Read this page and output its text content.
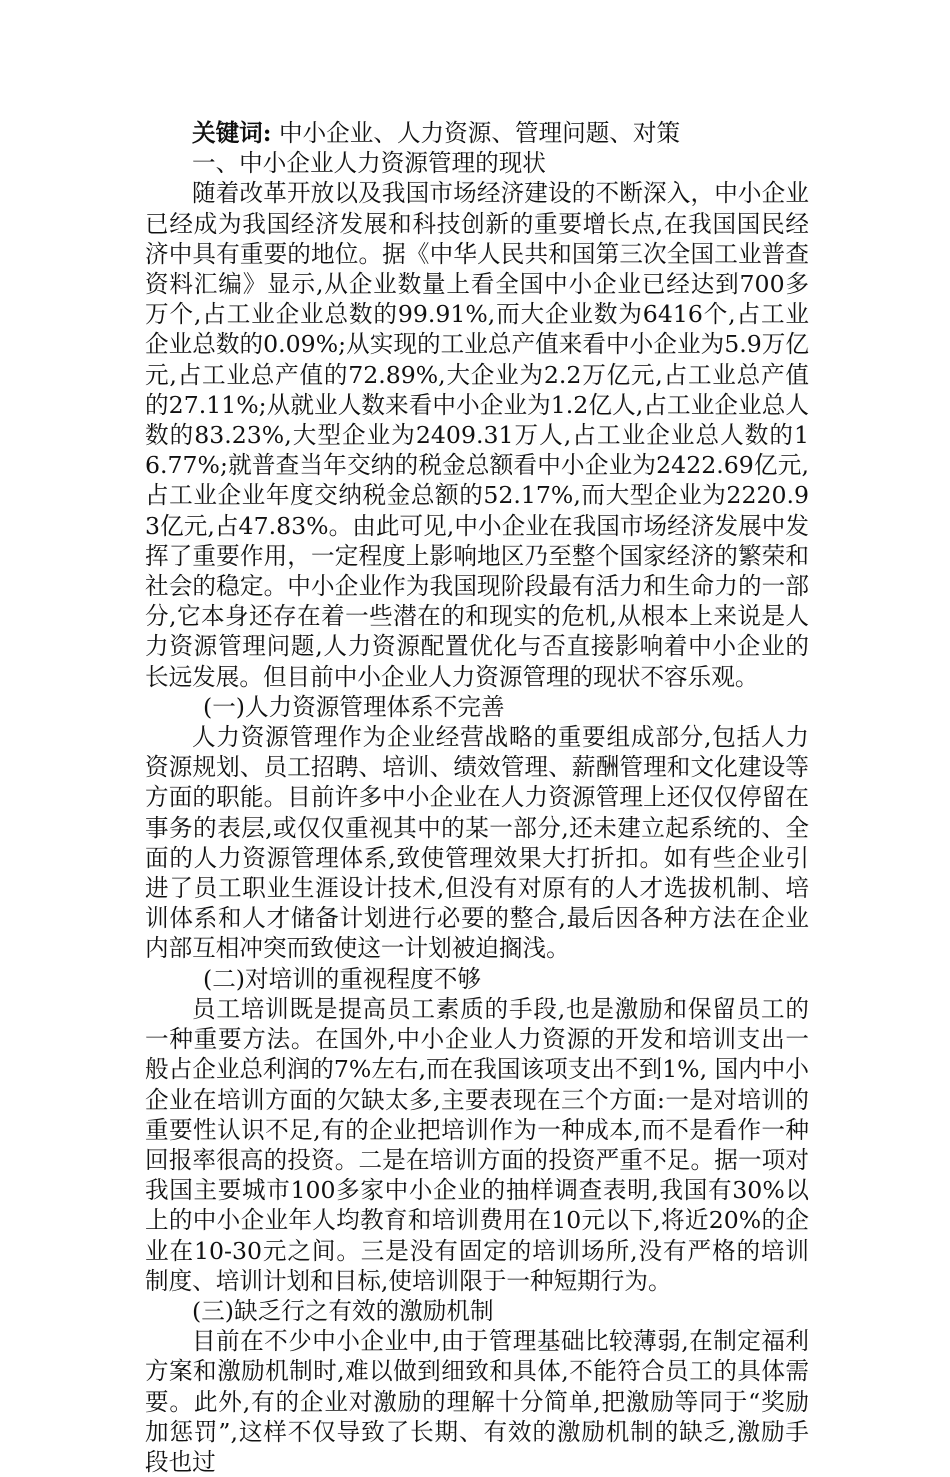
关键词: 中小企业、人力资源、管理问题、对策
一、中小企业人力资源管理的现状

随着改革开放以及我国市场经济建设的不断深入，中小企业已经成为我国经济发展和科技创新的重要增长点,在我国国民经济中具有重要的地位。据《中华人民共和国第三次全国工业普查资料汇编》显示,从企业数量上看全国中小企业已经达到700多万个,占工业企业总数的99.91%,而大企业数为6416个,占工业企业总数的0.09%;从实现的工业总产值来看中小企业为5.9万亿元,占工业总产值的72.89%,大企业为2.2万亿元,占工业总产值的27.11%;从就业人数来看中小企业为1.2亿人,占工业企业总人数的83.23%,大型企业为2409.31万人,占工业企业总人数的16.77%;就普查当年交纳的税金总额看中小企业为2422.69亿元,占工业企业年度交纳税金总额的52.17%,而大型企业为2220.93亿元,占47.83%。由此可见,中小企业在我国市场经济发展中发挥了重要作用，一定程度上影响地区乃至整个国家经济的繁荣和社会的稳定。中小企业作为我国现阶段最有活力和生命力的一部分,它本身还存在着一些潜在的和现实的危机,从根本上来说是人力资源管理问题,人力资源配置优化与否直接影响着中小企业的长远发展。但目前中小企业人力资源管理的现状不容乐观。

(一)人力资源管理体系不完善

人力资源管理作为企业经营战略的重要组成部分,包括人力资源规划、员工招聘、培训、绩效管理、薪酬管理和文化建设等方面的职能。目前许多中小企业在人力资源管理上还仅仅停留在事务的表层,或仅仅重视其中的某一部分,还未建立起系统的、全面的人力资源管理体系,致使管理效果大打折扣。如有些企业引进了员工职业生涯设计技术,但没有对原有的人才选拔机制、培训体系和人才储备计划进行必要的整合,最后因各种方法在企业内部互相冲突而致使这一计划被迫搁浅。

(二)对培训的重视程度不够

员工培训既是提高员工素质的手段,也是激励和保留员工的一种重要方法。在国外,中小企业人力资源的开发和培训支出一般占企业总利润的7%左右,而在我国该项支出不到1%, 国内中小企业在培训方面的欠缺太多,主要表现在三个方面:一是对培训的重要性认识不足,有的企业把培训作为一种成本,而不是看作一种回报率很高的投资。二是在培训方面的投资严重不足。据一项对我国主要城市100多家中小企业的抽样调查表明,我国有30%以上的中小企业年人均教育和培训费用在10元以下,将近20%的企业在10-30元之间。三是没有固定的培训场所,没有严格的培训制度、培训计划和目标,使培训限于一种短期行为。

(三)缺乏行之有效的激励机制

目前在不少中小企业中,由于管理基础比较薄弱,在制定福利方案和激励机制时,难以做到细致和具体,不能符合员工的具体需要。此外,有的企业对激励的理解十分简单,把激励等同于“奖励加惩罚”,这样不仅导致了长期、有效的激励机制的缺乏,激励手段也过
